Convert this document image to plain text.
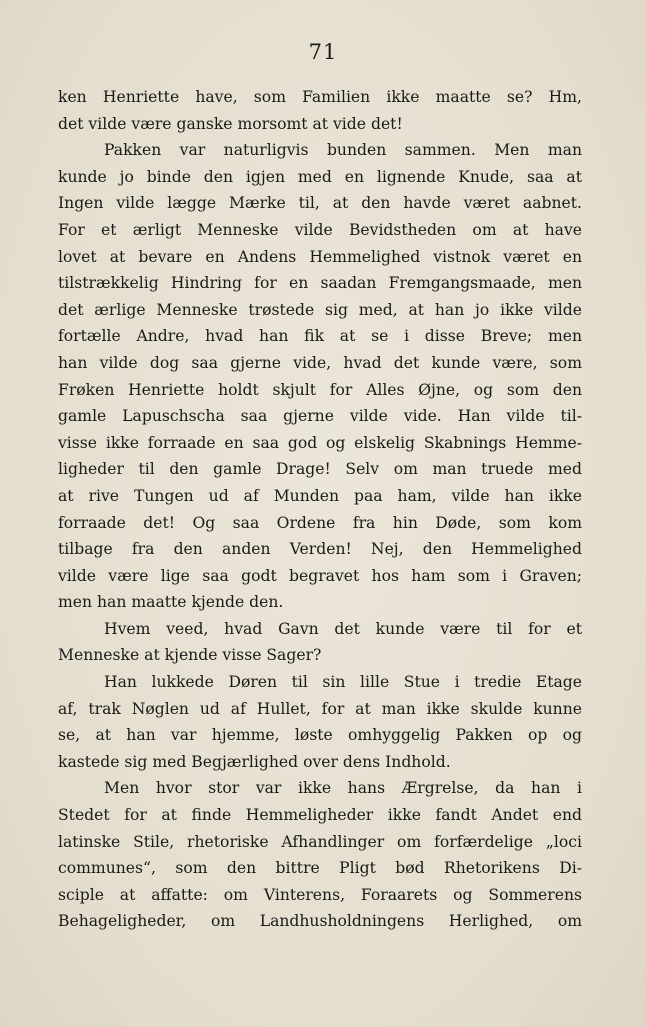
71
ken Henriette have, som Familien ikke maatte se? Hm,
det vilde være ganske morsomt at vide det!
Pakken var naturligvis bunden sammen. Men man
kunde jo binde den igjen med en lignende Knude, saa at
Ingen vilde lægge Mærke til, at den havde været aabnet.
For et ærligt Menneske vilde Bevidstheden om at have
lovet at bevare en Andens Hemmelighed vistnok været en
tilstrækkelig Hindring for en saadan Fremgangsmaade, men
det ærlige Menneske trøstede sig med, at han jo ikke vilde
fortælle Andre, hvad han fik at se i disse Breve; men
han vilde dog saa gjerne vide, hvad det kunde være, som
Frøken Henriette holdt skjult for Alles Øjne, og som den
gamle Lapuschscha saa gjerne vilde vide. Han vilde til-
visse ikke forraade en saa god og elskelig Skabnings Hemme-
ligheder til den gamle Drage! Selv om man truede med
at rive Tungen ud af Munden paa ham, vilde han ikke
forraade det! Og saa Ordene fra hin Døde, som kom
tilbage fra den anden Verden! Nej, den Hemmelighed
vilde være lige saa godt begravet hos ham som i Graven;
men han maatte kjende den.
Hvem veed, hvad Gavn det kunde være til for et
Menneske at kjende visse Sager?
Han lukkede Døren til sin lille Stue i tredie Etage
af, trak Nøglen ud af Hullet, for at man ikke skulde kunne
se, at han var hjemme, løste omhyggelig Pakken op og
kastede sig med Begjærlighed over dens Indhold.
Men hvor stor var ikke hans Ærgrelse, da han i
Stedet for at finde Hemmeligheder ikke fandt Andet end
latinske Stile, rhetoriske Afhandlinger om forfærdelige „loci
communes“, som den bittre Pligt bød Rhetorikens Di-
sciple at affatte: om Vinterens, Foraarets og Sommerens
Behageligheder, om Landhusholdningens Herlighed, om
